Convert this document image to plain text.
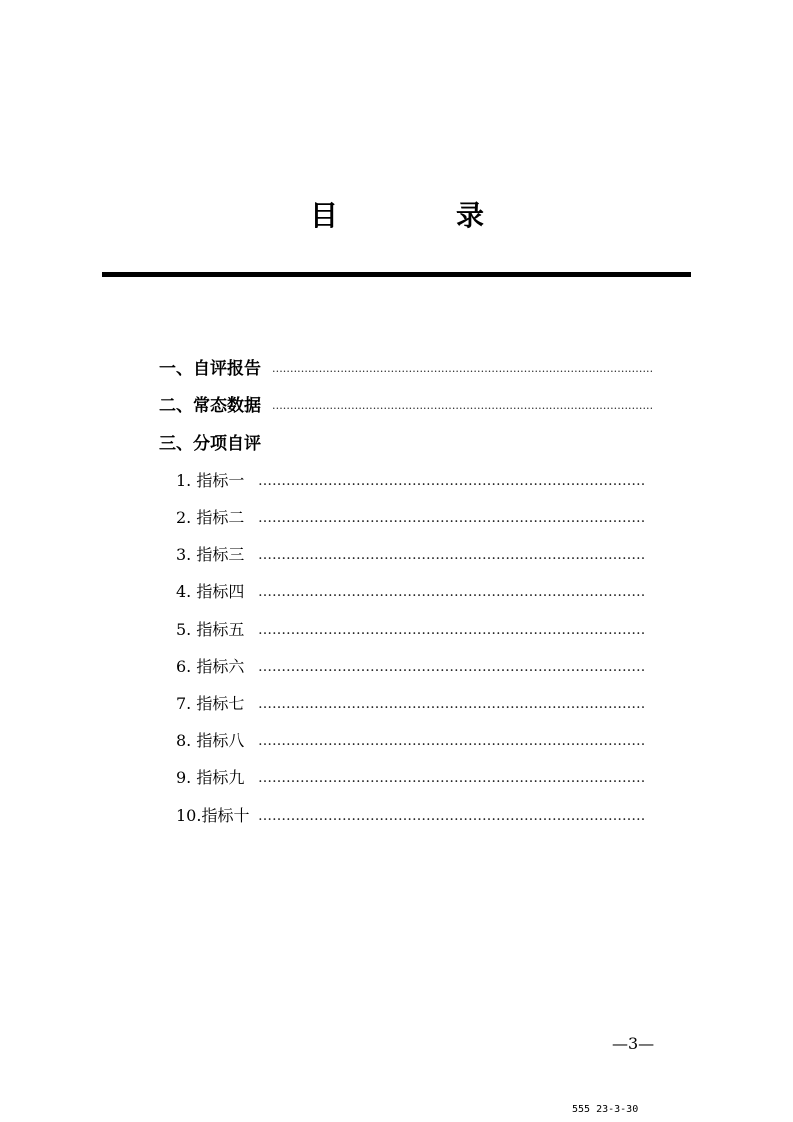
目	录
一、自评报告
.....
二、常态数据
.....
三、分项自评
1. 指标一
……………………………………………………………………………………
2. 指标二
……………………………………………………………………………………
3. 指标三
……………………………………………………………………………………
4. 指标四
……………………………………………………………………………………
5. 指标五
……………………………………………………………………………………
6. 指标六
……………………………………………………………………………………
7. 指标七
……………………………………………………………………………………
8. 指标八
……………………………………………………………………………………
9. 指标九
……………………………………………………………………………………
10.指标十
……………………………………………………………………………………
—3—
555 23-3-30
